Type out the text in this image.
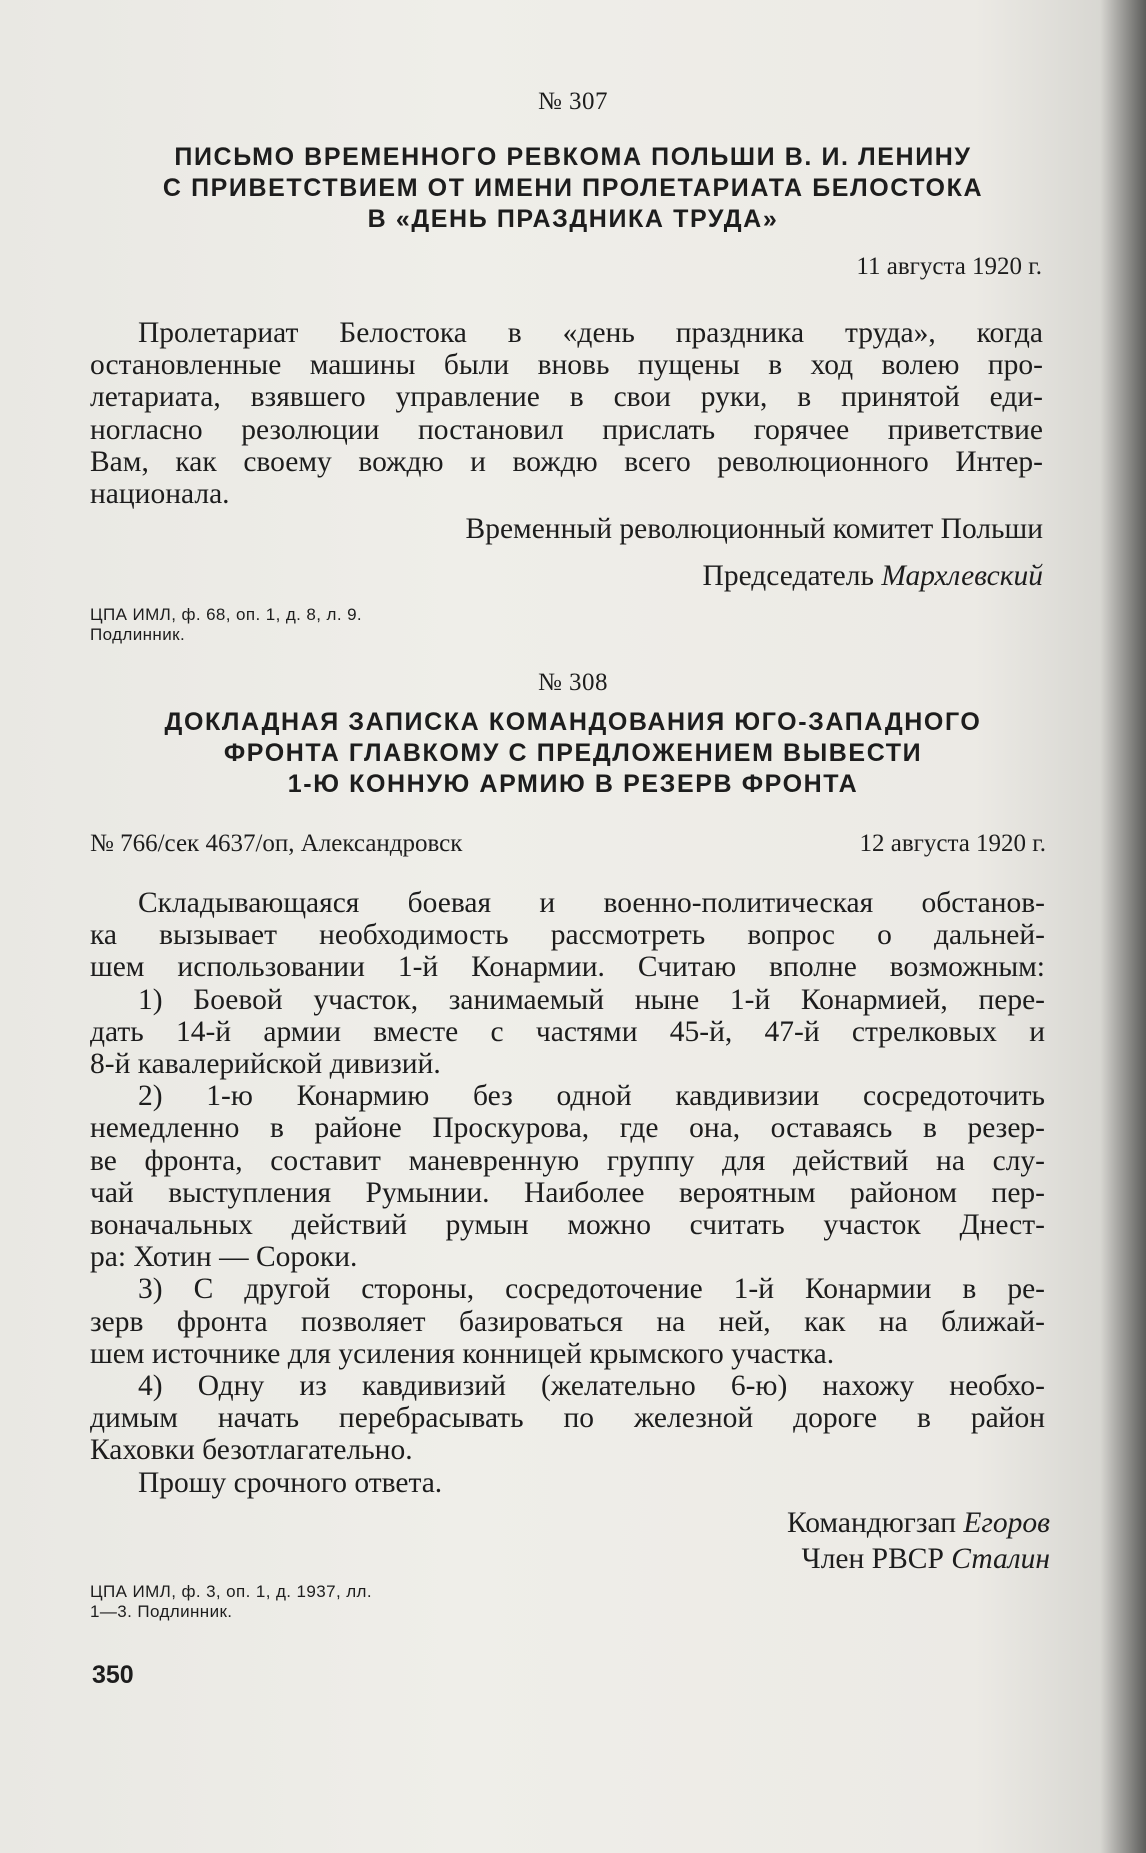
№ 307
ПИСЬМО ВРЕМЕННОГО РЕВКОМА ПОЛЬШИ В. И. ЛЕНИНУ
С ПРИВЕТСТВИЕМ ОТ ИМЕНИ ПРОЛЕТАРИАТА БЕЛОСТОКА
В «ДЕНЬ ПРАЗДНИКА ТРУДА»
11 августа 1920 г.
Пролетариат Белостока в «день праздника труда», когда
остановленные машины были вновь пущены в ход волею про-
летариата, взявшего управление в свои руки, в принятой еди-
ногласно резолюции постановил прислать горячее приветствие
Вам, как своему вождю и вождю всего революционного Интер-
национала.
Временный революционный комитет Польши
Председатель Мархлевский
ЦПА ИМЛ, ф. 68, оп. 1, д. 8, л. 9.
Подлинник.
№ 308
ДОКЛАДНАЯ ЗАПИСКА КОМАНДОВАНИЯ ЮГО-ЗАПАДНОГО
ФРОНТА ГЛАВКОМУ С ПРЕДЛОЖЕНИЕМ ВЫВЕСТИ
1-Ю КОННУЮ АРМИЮ В РЕЗЕРВ ФРОНТА
№ 766/сек 4637/оп, Александровск	12 августа 1920 г.
Складывающаяся боевая и военно-политическая обстанов-
ка вызывает необходимость рассмотреть вопрос о дальней-
шем использовании 1-й Конармии. Считаю вполне возможным:
1) Боевой участок, занимаемый ныне 1-й Конармией, пере-
дать 14-й армии вместе с частями 45-й, 47-й стрелковых и
8-й кавалерийской дивизий.
2) 1-ю Конармию без одной кавдивизии сосредоточить
немедленно в районе Проскурова, где она, оставаясь в резер-
ве фронта, составит маневренную группу для действий на слу-
чай выступления Румынии. Наиболее вероятным районом пер-
воначальных действий румын можно считать участок Днест-
ра: Хотин — Сороки.
3) С другой стороны, сосредоточение 1-й Конармии в ре-
зерв фронта позволяет базироваться на ней, как на ближай-
шем источнике для усиления конницей крымского участка.
4) Одну из кавдивизий (желательно 6-ю) нахожу необхо-
димым начать перебрасывать по железной дороге в район
Каховки безотлагательно.
Прошу срочного ответа.
Командюгзап Егоров
Член РВСР Сталин
ЦПА ИМЛ, ф. 3, оп. 1, д. 1937, лл.
1—3. Подлинник.
350
